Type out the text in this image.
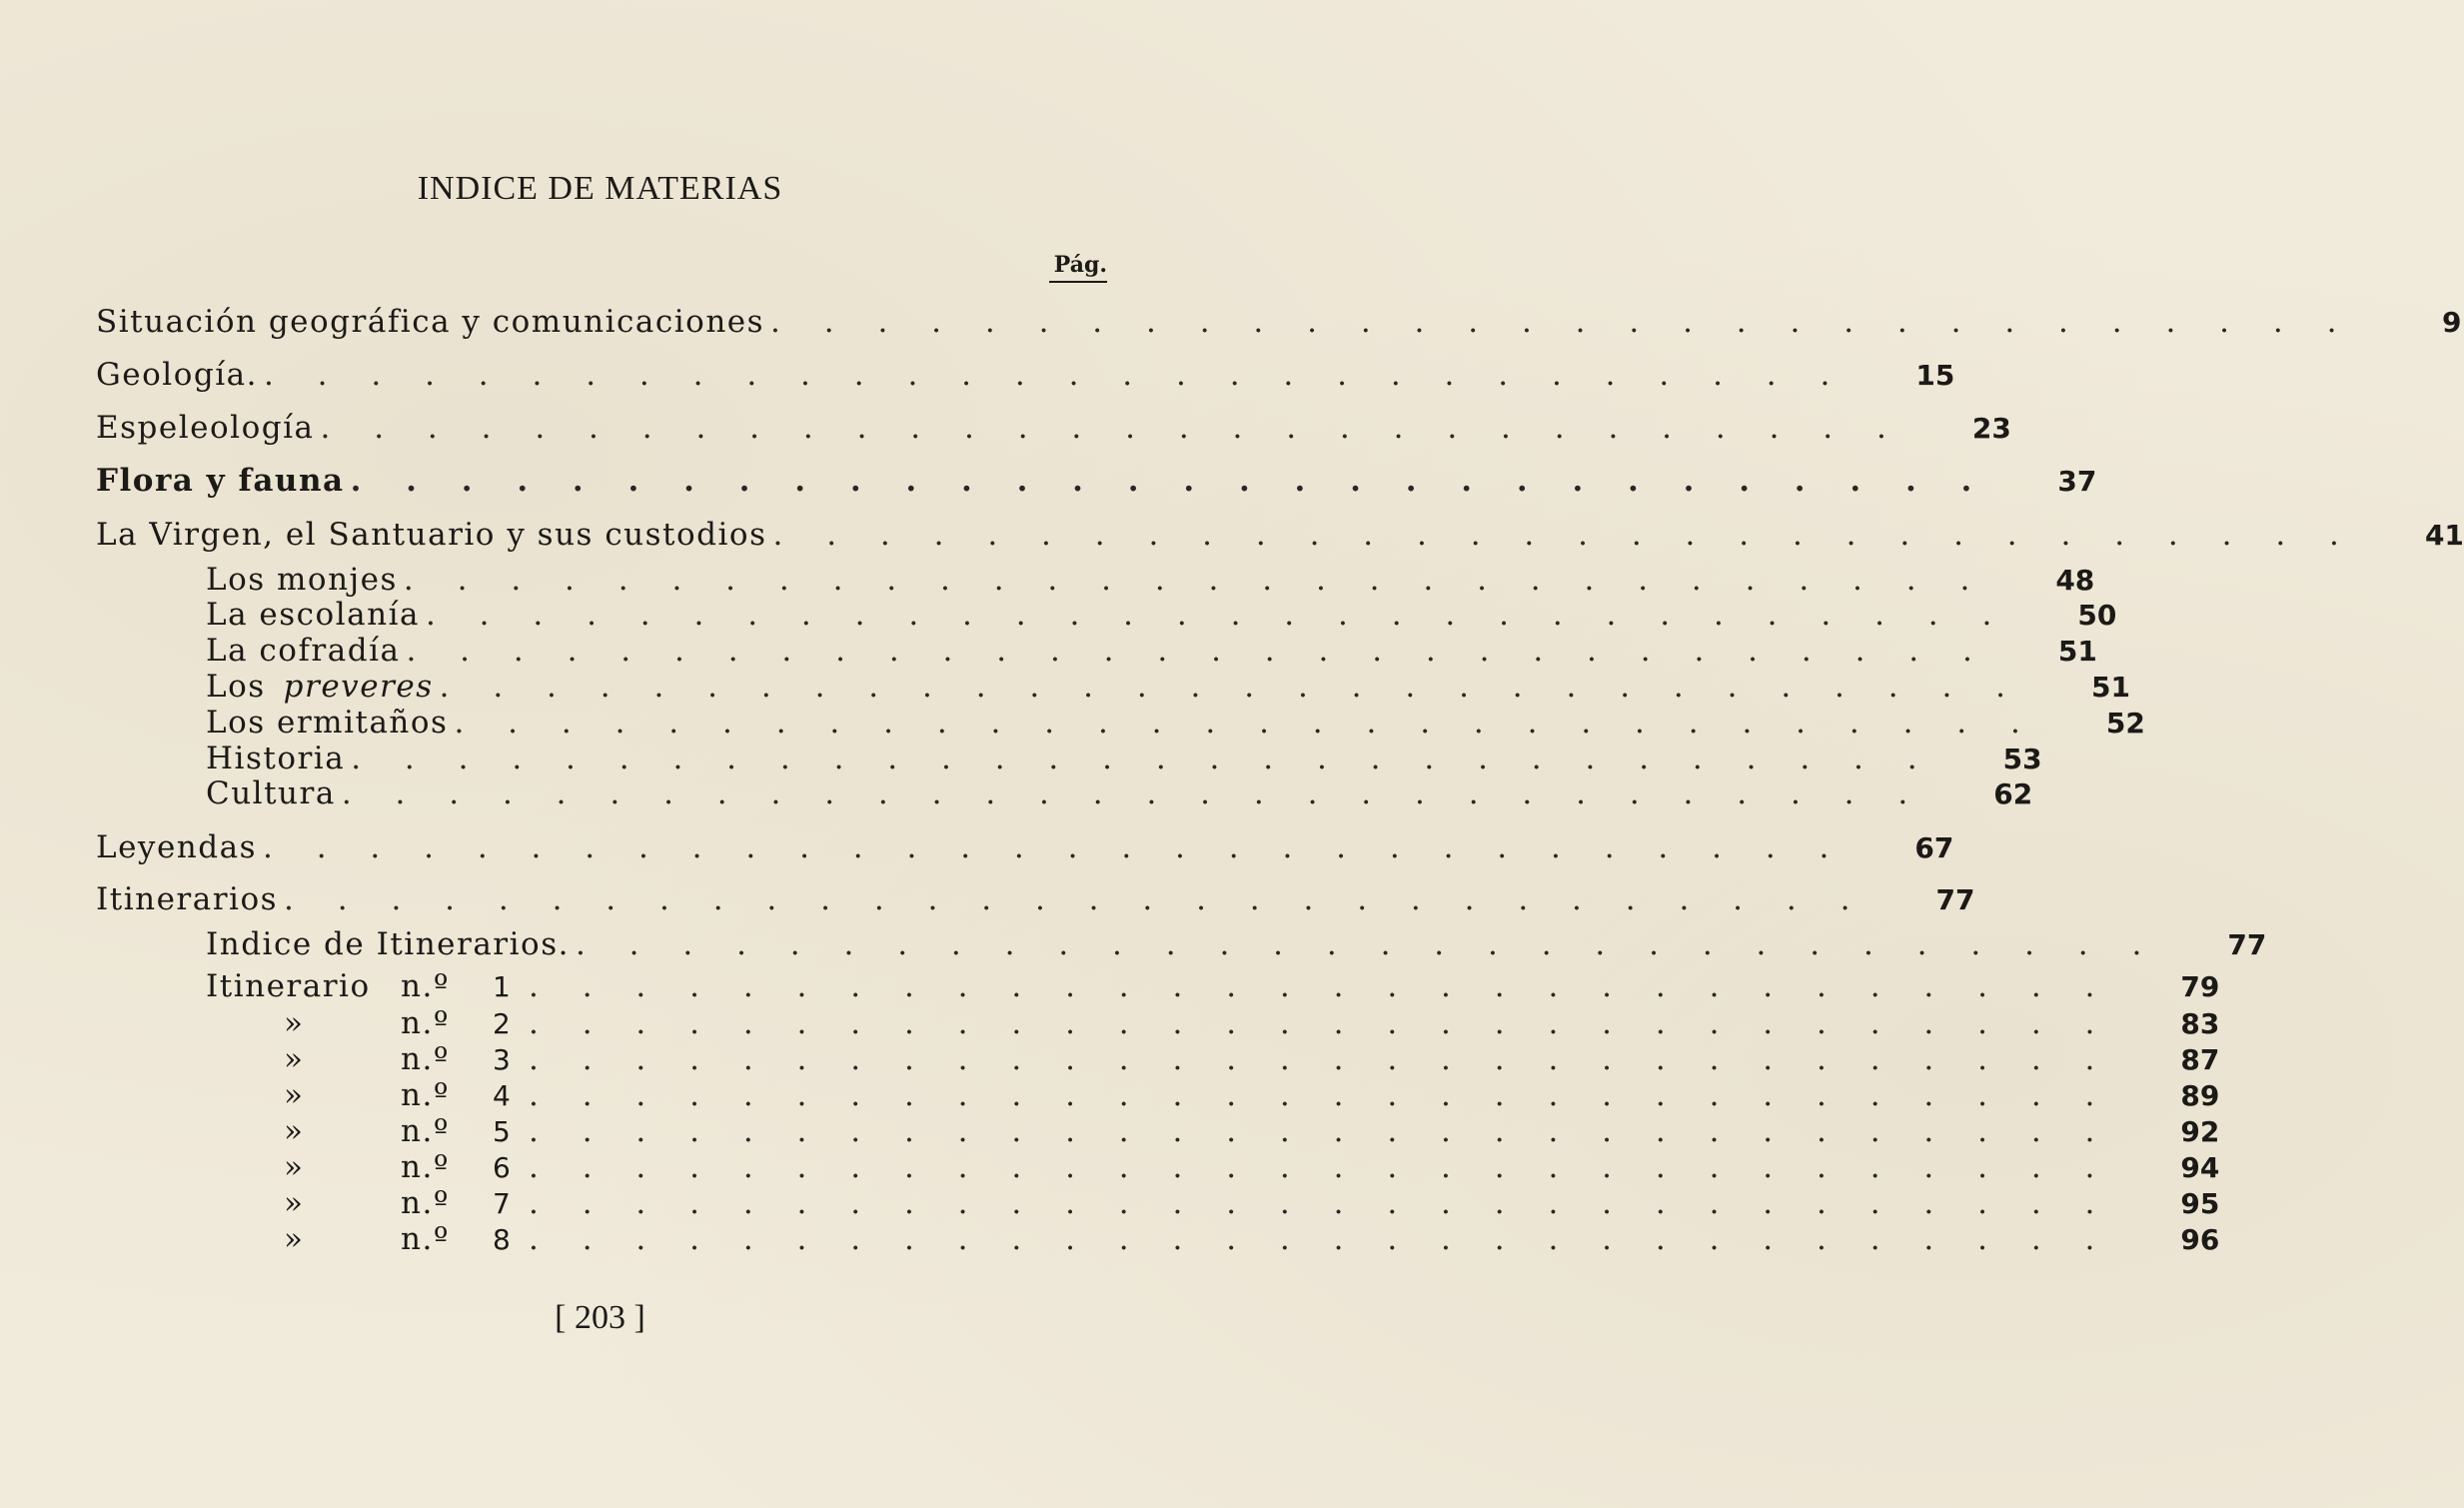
INDICE DE MATERIAS
Pág.
Situación geográfica y comunicaciones . . . . . . . . . . . . . . . . . . . . . . . . . . . . . .	9
Geología. . . . . . . . . . . . . . . . . . . . . . . . . . . . . . .	15
Espeleología . . . . . . . . . . . . . . . . . . . . . . . . . . . . . .	23
Flora y fauna . . . . . . . . . . . . . . . . . . . . . . . . . . . . . .	37
La Virgen, el Santuario y sus custodios . . . . . . . . . . . . . . . . . . . . . . . . . . . . . .	41
Los monjes . . . . . . . . . . . . . . . . . . . . . . . . . . . . . .	48
La escolanía . . . . . . . . . . . . . . . . . . . . . . . . . . . . . .	50
La cofradía . . . . . . . . . . . . . . . . . . . . . . . . . . . . . .	51
Los preveres . . . . . . . . . . . . . . . . . . . . . . . . . . . . . .	51
Los ermitaños . . . . . . . . . . . . . . . . . . . . . . . . . . . . . .	52
Historia . . . . . . . . . . . . . . . . . . . . . . . . . . . . . .	53
Cultura . . . . . . . . . . . . . . . . . . . . . . . . . . . . . .	62
Leyendas . . . . . . . . . . . . . . . . . . . . . . . . . . . . . .	67
Itinerarios . . . . . . . . . . . . . . . . . . . . . . . . . . . . . .	77
Indice de Itinerarios. . . . . . . . . . . . . . . . . . . . . . . . . . . . . . .	77
Itinerario n.º 1 . . . . . . . . . . . . . . . . . . . . . . . . . . . . . .	79
»	n.º 2 . . . . . . . . . . . . . . . . . . . . . . . . . . . . . .	83
»	n.º 3 . . . . . . . . . . . . . . . . . . . . . . . . . . . . . .	87
»	n.º 4 . . . . . . . . . . . . . . . . . . . . . . . . . . . . . .	89
»	n.º 5 . . . . . . . . . . . . . . . . . . . . . . . . . . . . . .	92
»	n.º 6 . . . . . . . . . . . . . . . . . . . . . . . . . . . . . .	94
»	n.º 7 . . . . . . . . . . . . . . . . . . . . . . . . . . . . . .	95
»	n.º 8 . . . . . . . . . . . . . . . . . . . . . . . . . . . . . .	96
[ 203 ]
